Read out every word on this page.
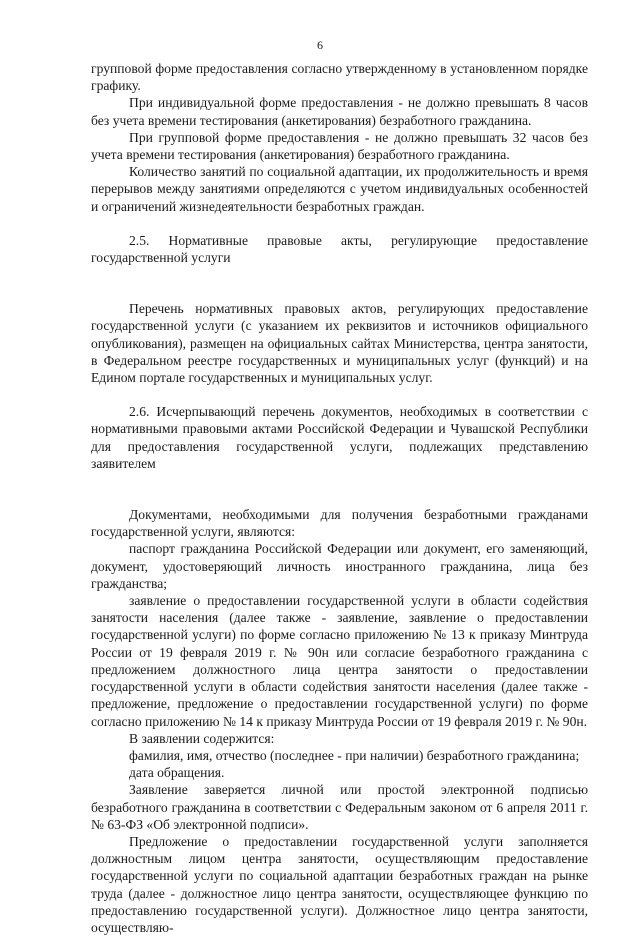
6

групповой форме предоставления согласно утвержденному в установленном порядке графику.

При индивидуальной форме предоставления - не должно превышать 8 часов без учета времени тестирования (анкетирования) безработного гражданина.

При групповой форме предоставления - не должно превышать 32 часов без учета времени тестирования (анкетирования) безработного гражданина.

Количество занятий по социальной адаптации, их продолжительность и время перерывов между занятиями определяются с учетом индивидуальных особенностей и ограничений жизнедеятельности безработных граждан.

2.5. Нормативные правовые акты, регулирующие предоставление государственной услуги

Перечень нормативных правовых актов, регулирующих предоставление государственной услуги (с указанием их реквизитов и источников официального опубликования), размещен на официальных сайтах Министерства, центра занятости, в Федеральном реестре государственных и муниципальных услуг (функций) и на Едином портале государственных и муниципальных услуг.

2.6. Исчерпывающий перечень документов, необходимых в соответствии с нормативными правовыми актами Российской Федерации и Чувашской Республики для предоставления государственной услуги, подлежащих представлению заявителем

Документами, необходимыми для получения безработными гражданами государственной услуги, являются:

паспорт гражданина Российской Федерации или документ, его заменяющий, документ, удостоверяющий личность иностранного гражданина, лица без гражданства;

заявление о предоставлении государственной услуги в области содействия занятости населения (далее также - заявление, заявление о предоставлении государственной услуги) по форме согласно приложению № 13 к приказу Минтруда России от 19 февраля 2019 г. № 90н или согласие безработного гражданина с предложением должностного лица центра занятости о предоставлении государственной услуги в области содействия занятости населения (далее также - предложение, предложение о предоставлении государственной услуги) по форме согласно приложению № 14 к приказу Минтруда России от 19 февраля 2019 г. № 90н.

В заявлении содержится:

фамилия, имя, отчество (последнее - при наличии) безработного гражданина;

дата обращения.

Заявление заверяется личной или простой электронной подписью безработного гражданина в соответствии с Федеральным законом от 6 апреля 2011 г. № 63-ФЗ «Об электронной подписи».

Предложение о предоставлении государственной услуги заполняется должностным лицом центра занятости, осуществляющим предоставление государственной услуги по социальной адаптации безработных граждан на рынке труда (далее - должностное лицо центра занятости, осуществляющее функцию по предоставлению государственной услуги). Должностное лицо центра занятости, осуществляю-
